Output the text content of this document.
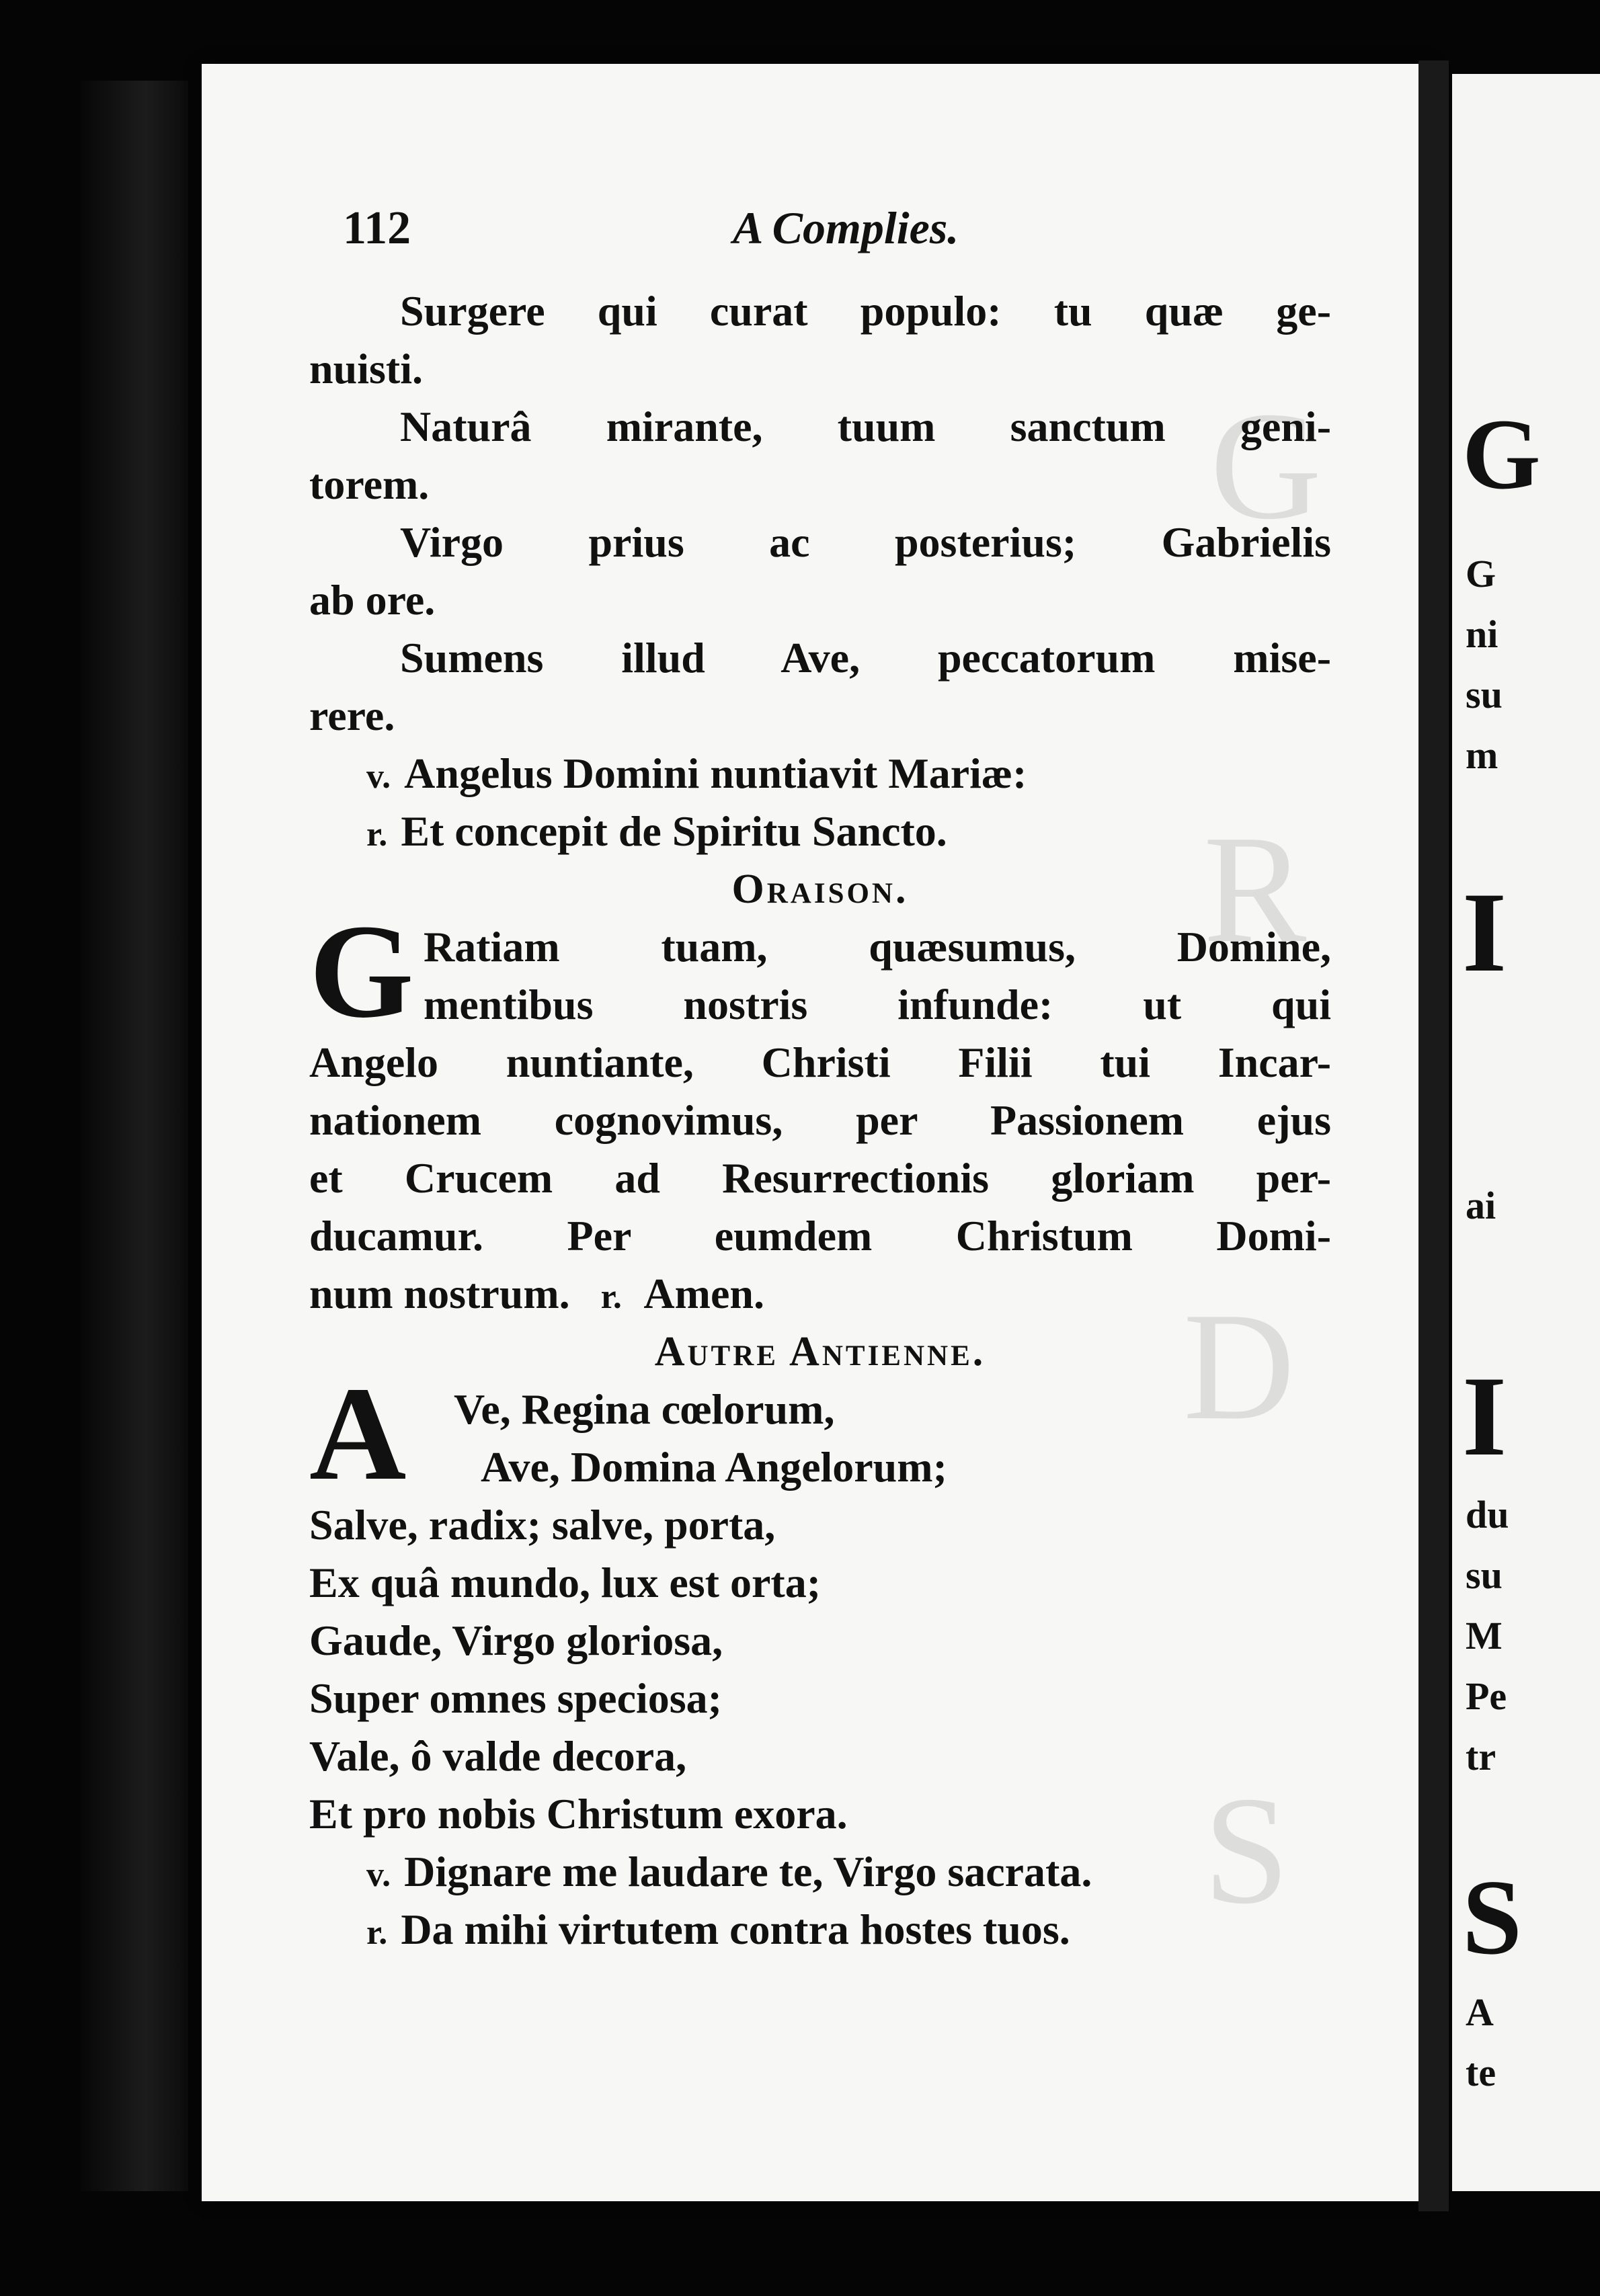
G
G
ni
su
m
I
ai
I
du
su
M
Pe
tr
S
A
te
G
R
D
S
112	A Complies.
Surgere qui curat populo: tu quæ ge-
nuisti.
Naturâ mirante, tuum sanctum geni-
torem.
Virgo prius ac posterius; Gabrielis
ab ore.
Sumens illud Ave, peccatorum mise-
rere.
v. Angelus Domini nuntiavit Mariæ:
r. Et concepit de Spiritu Sancto.
Oraison.
G Ratiam tuam, quæsumus, Domine,
mentibus nostris infunde: ut qui
Angelo nuntiante, Christi Filii tui Incar-
nationem cognovimus, per Passionem ejus
et Crucem ad Resurrectionis gloriam per-
ducamur. Per eumdem Christum Domi-
num nostrum. r. Amen.
Autre Antienne.
A	Ve, Regina cœlorum,
Ave, Domina Angelorum;
Salve, radix; salve, porta,
Ex quâ mundo, lux est orta;
Gaude, Virgo gloriosa,
Super omnes speciosa;
Vale, ô valde decora,
Et pro nobis Christum exora.
v. Dignare me laudare te, Virgo sacrata.
r. Da mihi virtutem contra hostes tuos.
